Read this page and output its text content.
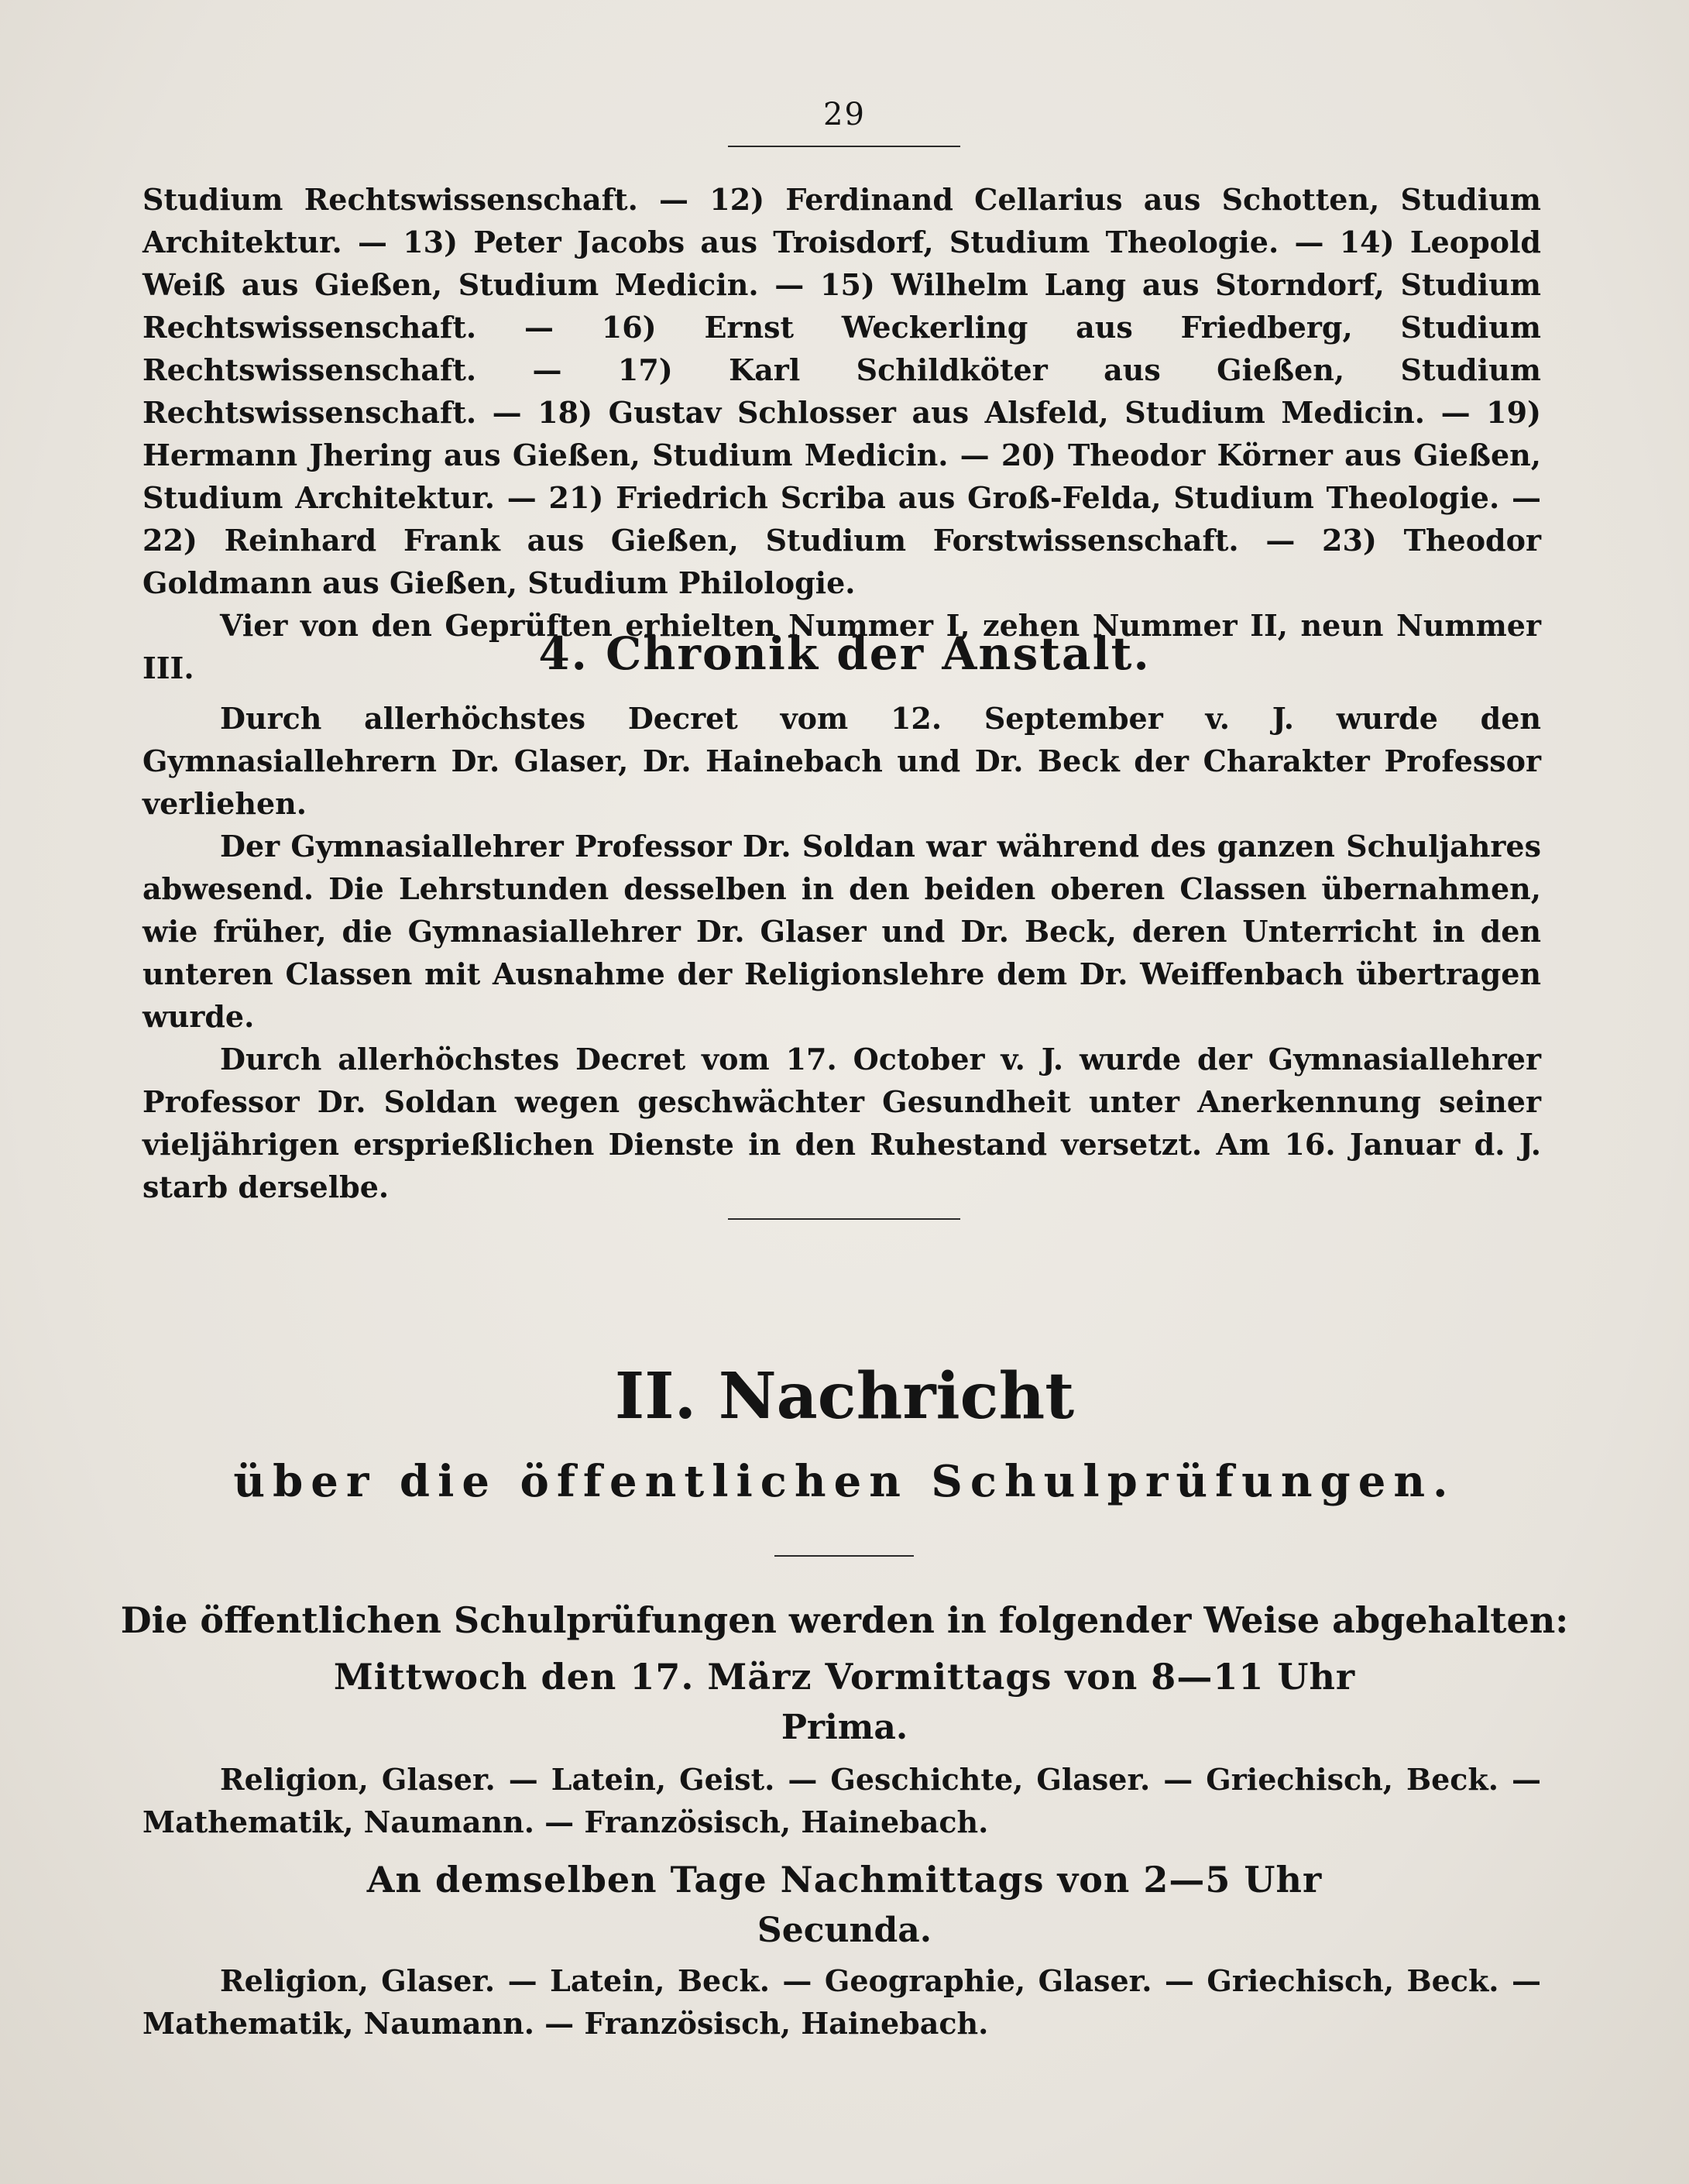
29

Studium Rechtswissenschaft. — 12) Ferdinand Cellarius aus Schotten, Studium Architektur. — 13) Peter Jacobs aus Troisdorf, Studium Theologie. — 14) Leopold Weiß aus Gießen, Studium Medicin. — 15) Wilhelm Lang aus Storndorf, Studium Rechtswissenschaft. — 16) Ernst Weckerling aus Friedberg, Studium Rechtswissenschaft. — 17) Karl Schildköter aus Gießen, Studium Rechtswissenschaft. — 18) Gustav Schlosser aus Alsfeld, Studium Medicin. — 19) Hermann Jhering aus Gießen, Studium Medicin. — 20) Theodor Körner aus Gießen, Studium Architektur. — 21) Friedrich Scriba aus Groß-Felda, Studium Theologie. — 22) Reinhard Frank aus Gießen, Studium Forstwissenschaft. — 23) Theodor Goldmann aus Gießen, Studium Philologie.

Vier von den Geprüften erhielten Nummer I, zehen Nummer II, neun Nummer III.	4. Chronik der Anstalt.

Durch allerhöchstes Decret vom 12. September v. J. wurde den Gymnasiallehrern Dr. Glaser, Dr. Hainebach und Dr. Beck der Charakter Professor verliehen.

Der Gymnasiallehrer Professor Dr. Soldan war während des ganzen Schuljahres abwesend. Die Lehrstunden desselben in den beiden oberen Classen übernahmen, wie früher, die Gymnasiallehrer Dr. Glaser und Dr. Beck, deren Unterricht in den unteren Classen mit Ausnahme der Religionslehre dem Dr. Weiffenbach übertragen wurde.

Durch allerhöchstes Decret vom 17. October v. J. wurde der Gymnasiallehrer Professor Dr. Soldan wegen geschwächter Gesundheit unter Anerkennung seiner vieljährigen ersprießlichen Dienste in den Ruhestand versetzt. Am 16. Januar d. J. starb derselbe.

II. Nachricht
über die öffentlichen Schulprüfungen.
Die öffentlichen Schulprüfungen werden in folgender Weise abgehalten:
Mittwoch den 17. März Vormittags von 8—11 Uhr
Prima.

Religion, Glaser. — Latein, Geist. — Geschichte, Glaser. — Griechisch, Beck. — Mathematik, Naumann. — Französisch, Hainebach.

An demselben Tage Nachmittags von 2—5 Uhr
Secunda.

Religion, Glaser. — Latein, Beck. — Geographie, Glaser. — Griechisch, Beck. — Mathematik, Naumann. — Französisch, Hainebach.
